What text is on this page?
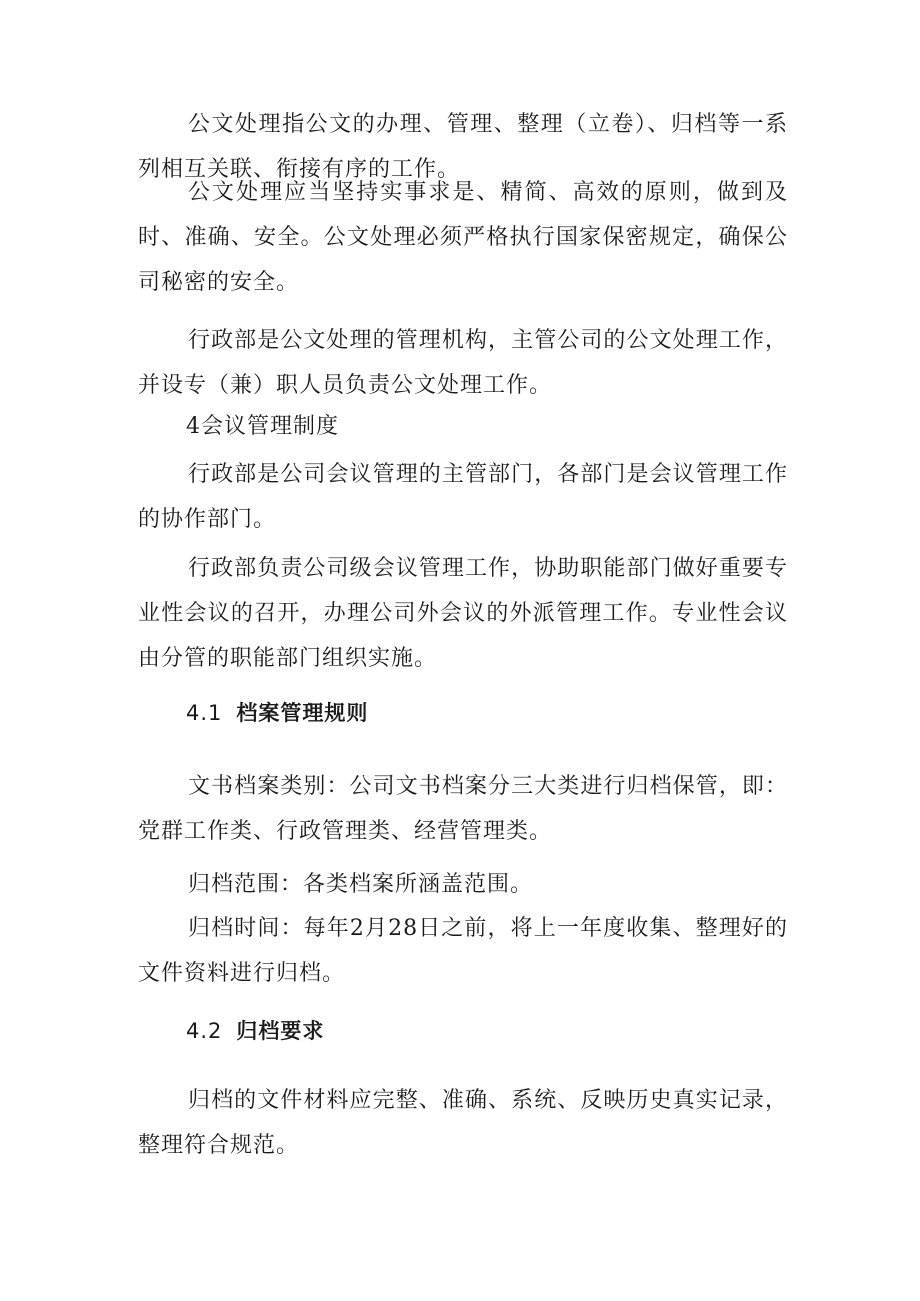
公文处理指公文的办理、管理、整理（立卷）、归档等一系列相互关联、衔接有序的工作。

公文处理应当坚持实事求是、精简、高效的原则，做到及时、准确、安全。公文处理必须严格执行国家保密规定，确保公司秘密的安全。

行政部是公文处理的管理机构，主管公司的公文处理工作，并设专（兼）职人员负责公文处理工作。

4会议管理制度

行政部是公司会议管理的主管部门，各部门是会议管理工作的协作部门。

行政部负责公司级会议管理工作，协助职能部门做好重要专业性会议的召开，办理公司外会议的外派管理工作。专业性会议由分管的职能部门组织实施。

4.1 档案管理规则

文书档案类别：公司文书档案分三大类进行归档保管，即：党群工作类、行政管理类、经营管理类。

归档范围：各类档案所涵盖范围。

归档时间：每年2月28日之前，将上一年度收集、整理好的文件资料进行归档。

4.2 归档要求

归档的文件材料应完整、准确、系统、反映历史真实记录，整理符合规范。
